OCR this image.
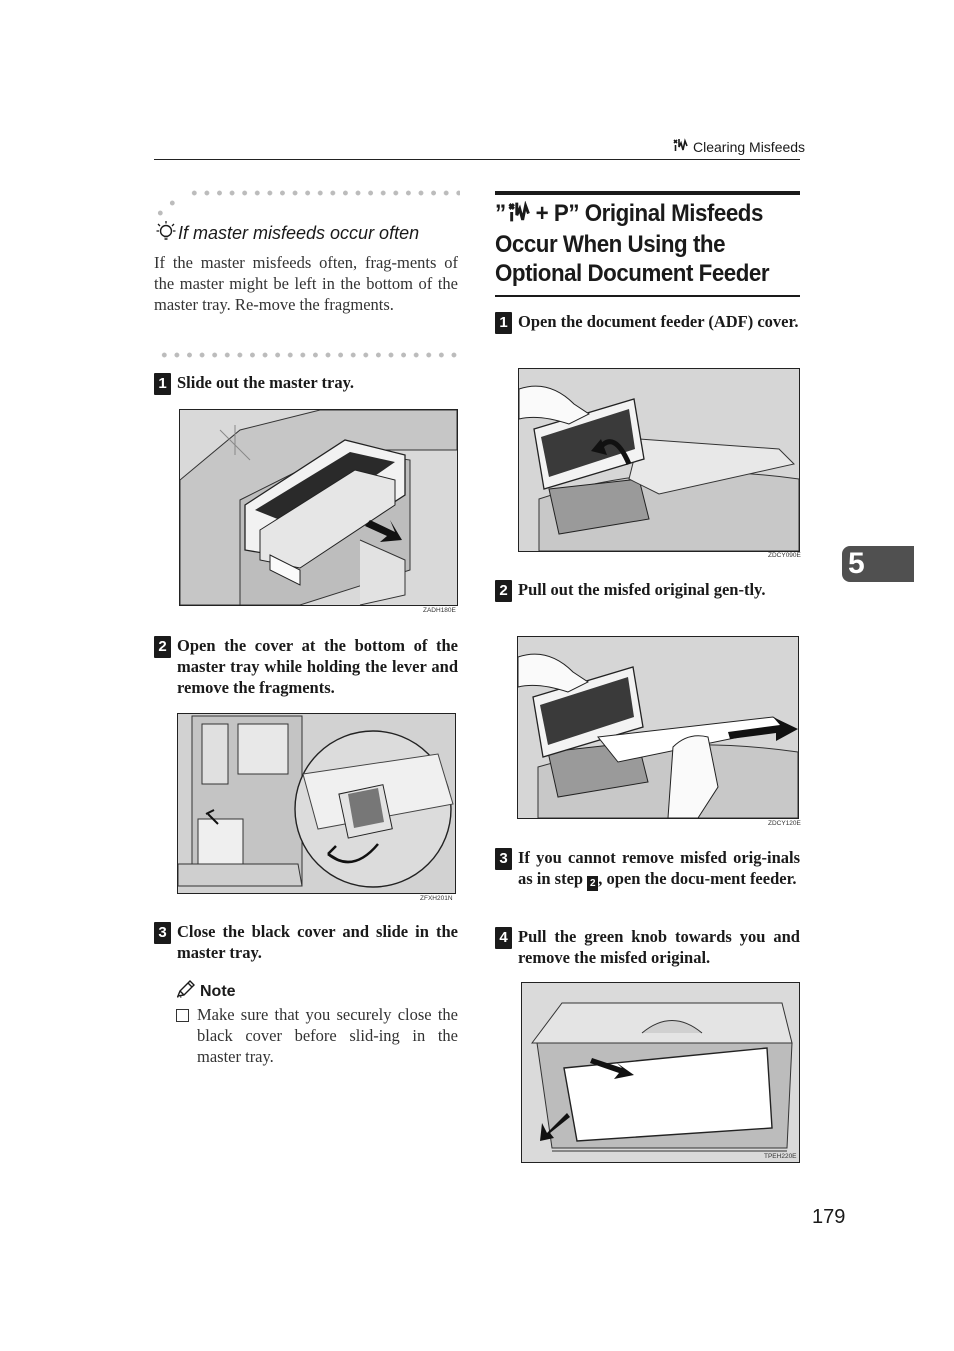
Clearing Misfeeds
5
If master misfeeds occur often
If the master misfeeds often, frag-ments of the master might be left in the bottom of the master tray. Re-move the fragments.
1 Slide out the master tray.
ZADH180E
2 Open the cover at the bottom of the master tray while holding the lever and remove the fragments.
ZFXH201N
3 Close the black cover and slide in the master tray.
Note
Make sure that you securely close the black cover before slid-ing in the master tray.
” + P” Original Misfeeds Occur When Using the Optional Document Feeder
1 Open the document feeder (ADF) cover.
ZDCY090E
2 Pull out the misfed original gen-tly.
ZDCY120E
3 If you cannot remove misfed orig-inals as in step 2 , open the docu-ment feeder.
4 Pull the green knob towards you and remove the misfed original.
TPEH220E
179
